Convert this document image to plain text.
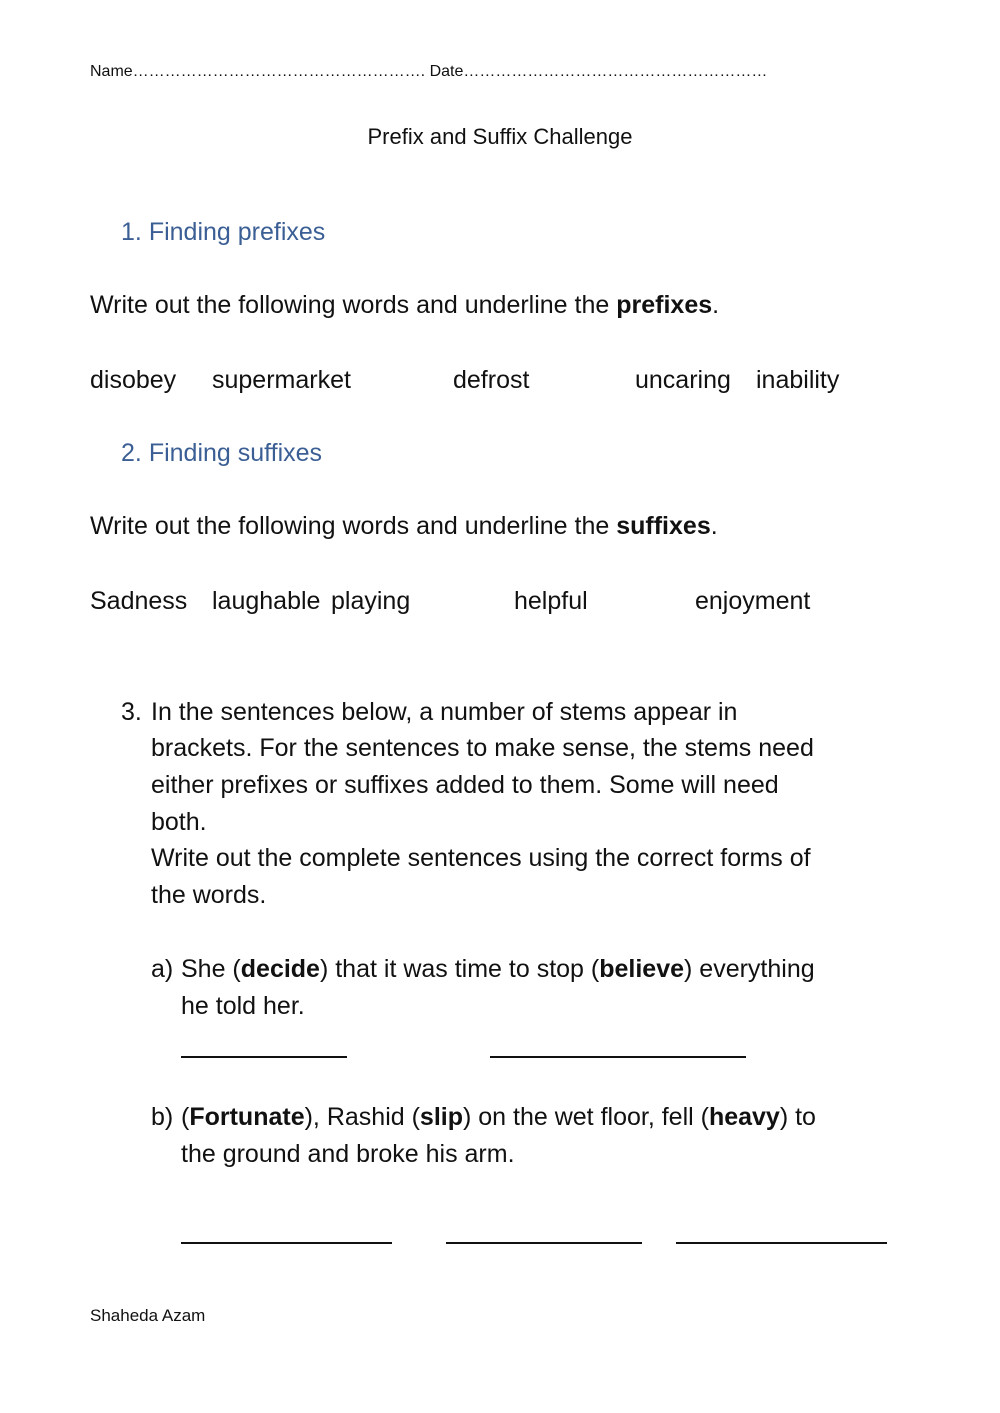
Name………………………………………………. Date…………………………………………………
Prefix and Suffix Challenge
1. Finding prefixes
Write out the following words and underline the prefixes.
disobey supermarket	defrost	uncaring inability
2. Finding suffixes
Write out the following words and underline the suffixes.
Sadness laughable playing	helpful	enjoyment
3. In the sentences below, a number of stems appear in
brackets. For the sentences to make sense, the stems need
either prefixes or suffixes added to them. Some will need
both.
Write out the complete sentences using the correct forms of
the words.
a) She (decide) that it was time to stop (believe) everything
he told her.
b) (Fortunate), Rashid (slip) on the wet floor, fell (heavy) to
the ground and broke his arm.
Shaheda Azam
